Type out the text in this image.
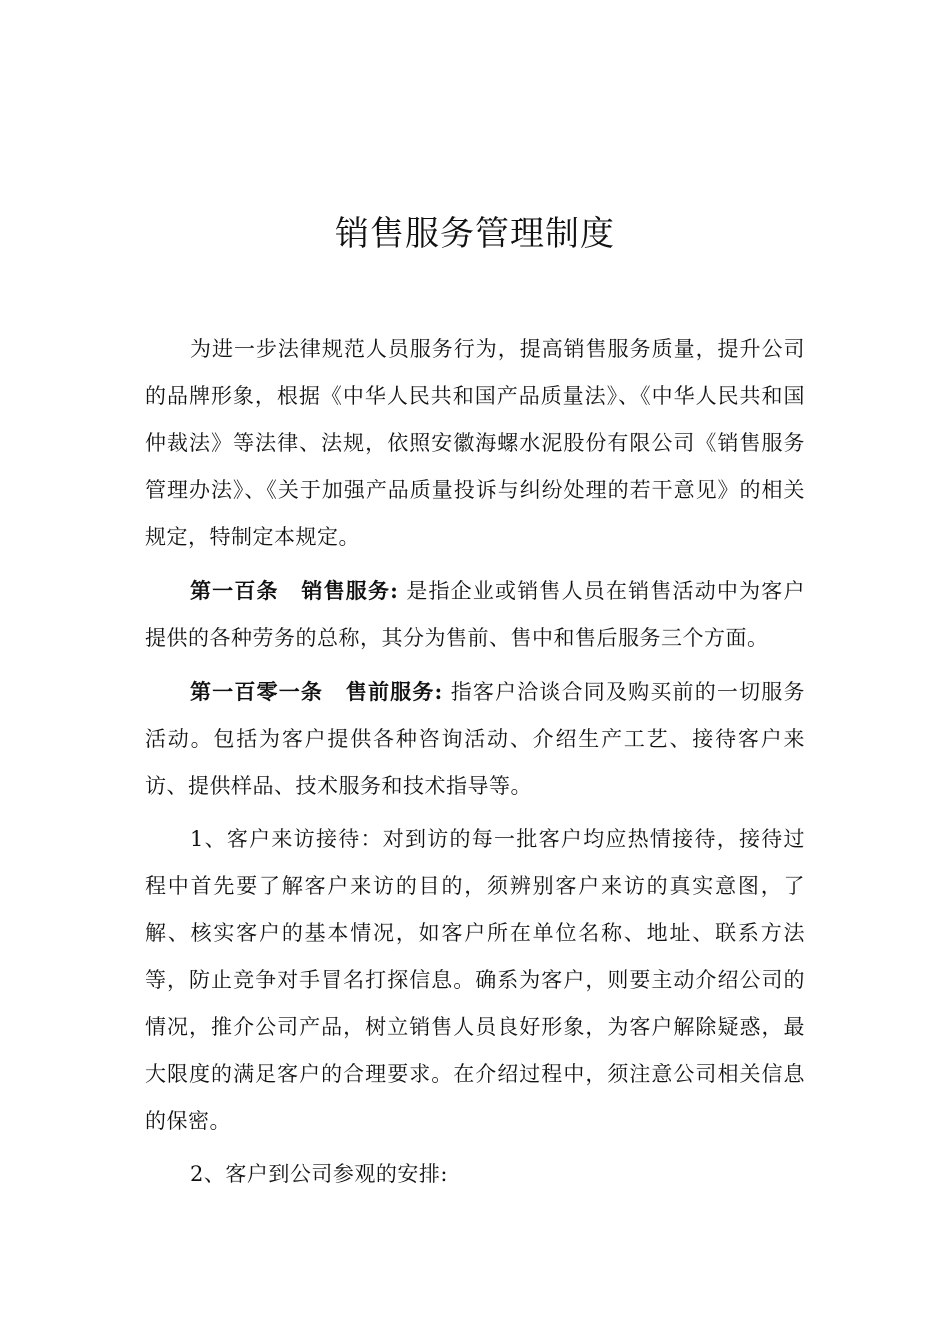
销售服务管理制度

为进一步法律规范人员服务行为，提高销售服务质量，提升公司的品牌形象，根据《中华人民共和国产品质量法》、《中华人民共和国仲裁法》等法律、法规，依照安徽海螺水泥股份有限公司《销售服务管理办法》、《关于加强产品质量投诉与纠纷处理的若干意见》的相关规定，特制定本规定。

第一百条 销售服务: 是指企业或销售人员在销售活动中为客户提供的各种劳务的总称，其分为售前、售中和售后服务三个方面。

第一百零一条 售前服务: 指客户洽谈合同及购买前的一切服务活动。包括为客户提供各种咨询活动、介绍生产工艺、接待客户来访、提供样品、技术服务和技术指导等。

1、客户来访接待：对到访的每一批客户均应热情接待，接待过程中首先要了解客户来访的目的，须辨别客户来访的真实意图，了解、核实客户的基本情况，如客户所在单位名称、地址、联系方法等，防止竞争对手冒名打探信息。确系为客户，则要主动介绍公司的情况，推介公司产品，树立销售人员良好形象，为客户解除疑惑，最大限度的满足客户的合理要求。在介绍过程中，须注意公司相关信息的保密。

2、客户到公司参观的安排:
